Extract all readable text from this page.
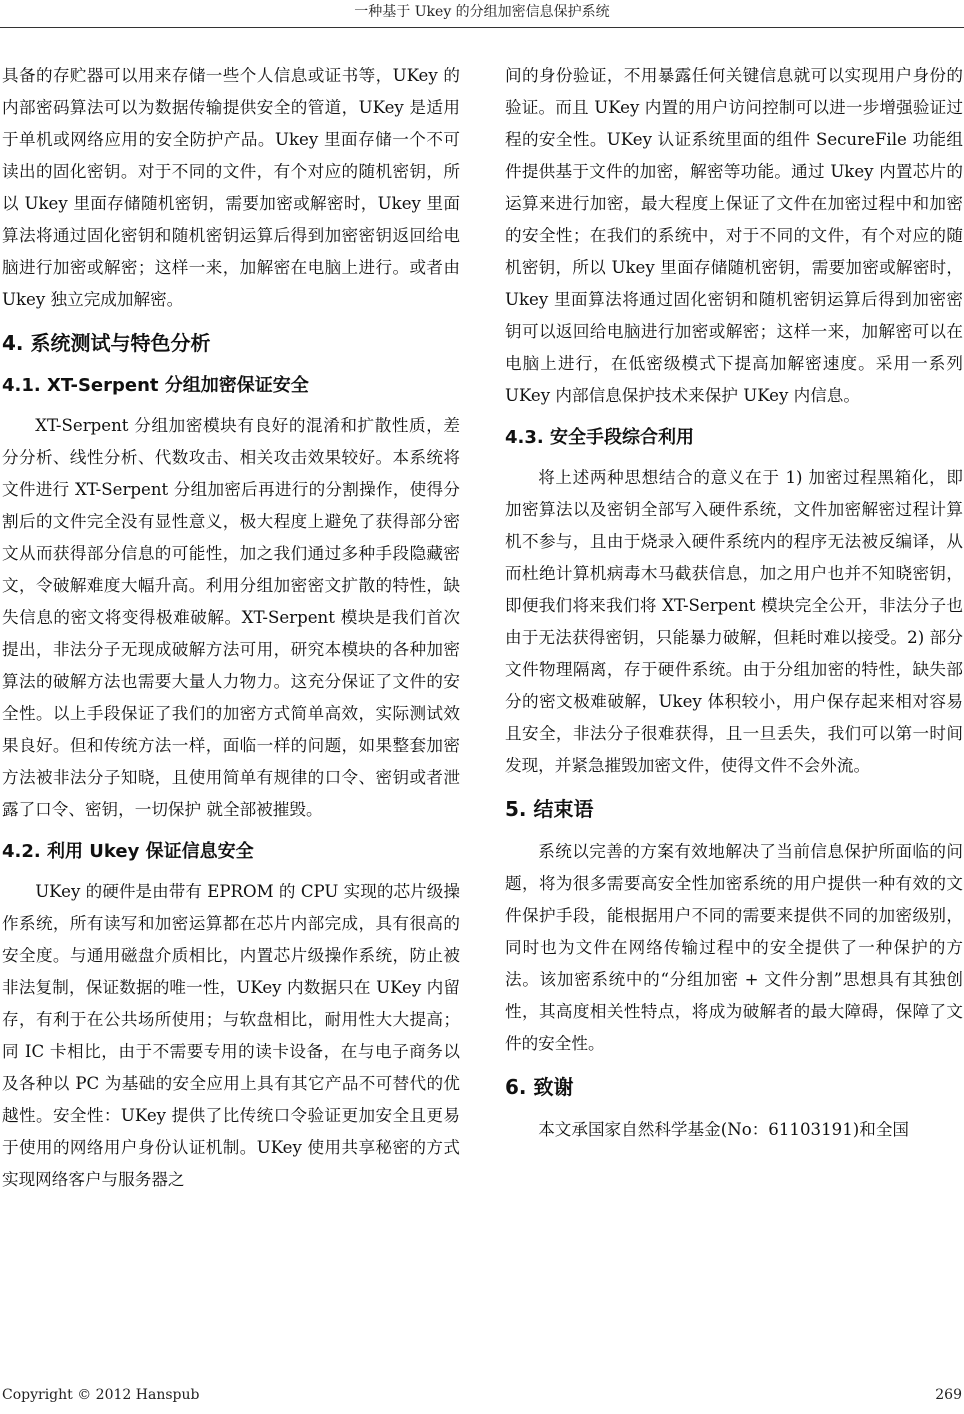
一种基于 Ukey 的分组加密信息保护系统

具备的存贮器可以用来存储一些个人信息或证书等，UKey 的内部密码算法可以为数据传输提供安全的管道，UKey 是适用于单机或网络应用的安全防护产品。Ukey 里面存储一个不可读出的固化密钥。对于不同的文件，有个对应的随机密钥，所以 Ukey 里面存储随机密钥，需要加密或解密时，Ukey 里面算法将通过固化密钥和随机密钥运算后得到加密密钥返回给电脑进行加密或解密；这样一来，加解密在电脑上进行。或者由 Ukey 独立完成加解密。

4. 系统测试与特色分析
4.1. XT-Serpent 分组加密保证安全

XT-Serpent 分组加密模块有良好的混淆和扩散性质，差分分析、线性分析、代数攻击、相关攻击效果较好。本系统将文件进行 XT-Serpent 分组加密后再进行的分割操作，使得分割后的文件完全没有显性意义，极大程度上避免了获得部分密文从而获得部分信息的可能性，加之我们通过多种手段隐藏密文，令破解难度大幅升高。利用分组加密密文扩散的特性，缺失信息的密文将变得极难破解。XT-Serpent 模块是我们首次提出，非法分子无现成破解方法可用，研究本模块的各种加密算法的破解方法也需要大量人力物力。这充分保证了文件的安全性。以上手段保证了我们的加密方式简单高效，实际测试效果良好。但和传统方法一样，面临一样的问题，如果整套加密方法被非法分子知晓，且使用简单有规律的口令、密钥或者泄露了口令、密钥，一切保护 就全部被摧毁。

4.2. 利用 Ukey 保证信息安全

UKey 的硬件是由带有 EPROM 的 CPU 实现的芯片级操作系统，所有读写和加密运算都在芯片内部完成，具有很高的安全度。与通用磁盘介质相比，内置芯片级操作系统，防止被非法复制，保证数据的唯一性，UKey 内数据只在 UKey 内留存，有利于在公共场所使用；与软盘相比，耐用性大大提高；同 IC 卡相比，由于不需要专用的读卡设备，在与电子商务以及各种以 PC 为基础的安全应用上具有其它产品不可替代的优越性。安全性：UKey 提供了比传统口令验证更加安全且更易于使用的网络用户身份认证机制。UKey 使用共享秘密的方式实现网络客户与服务器之

间的身份验证，不用暴露任何关键信息就可以实现用户身份的验证。而且 UKey 内置的用户访问控制可以进一步增强验证过程的安全性。UKey 认证系统里面的组件 SecureFile 功能组件提供基于文件的加密，解密等功能。通过 Ukey 内置芯片的运算来进行加密，最大程度上保证了文件在加密过程中和加密的安全性；在我们的系统中，对于不同的文件，有个对应的随机密钥，所以 Ukey 里面存储随机密钥，需要加密或解密时，Ukey 里面算法将通过固化密钥和随机密钥运算后得到加密密钥可以返回给电脑进行加密或解密；这样一来，加解密可以在电脑上进行，在低密级模式下提高加解密速度。采用一系列 UKey 内部信息保护技术来保护 UKey 内信息。

4.3. 安全手段综合利用

将上述两种思想结合的意义在于 1) 加密过程黑箱化，即加密算法以及密钥全部写入硬件系统，文件加密解密过程计算机不参与，且由于烧录入硬件系统内的程序无法被反编译，从而杜绝计算机病毒木马截获信息，加之用户也并不知晓密钥，即便我们将来我们将 XT-Serpent 模块完全公开，非法分子也由于无法获得密钥，只能暴力破解，但耗时难以接受。2) 部分文件物理隔离，存于硬件系统。由于分组加密的特性，缺失部分的密文极难破解，Ukey 体积较小，用户保存起来相对容易且安全，非法分子很难获得，且一旦丢失，我们可以第一时间发现，并紧急摧毁加密文件，使得文件不会外流。

5. 结束语

系统以完善的方案有效地解决了当前信息保护所面临的问题，将为很多需要高安全性加密系统的用户提供一种有效的文件保护手段，能根据用户不同的需要来提供不同的加密级别，同时也为文件在网络传输过程中的安全提供了一种保护的方法。该加密系统中的“分组加密 + 文件分割”思想具有其独创性，其高度相关性特点，将成为破解者的最大障碍，保障了文件的安全性。

6. 致谢

本文承国家自然科学基金(No：61103191)和全国

Copyright © 2012 Hanspub	269
